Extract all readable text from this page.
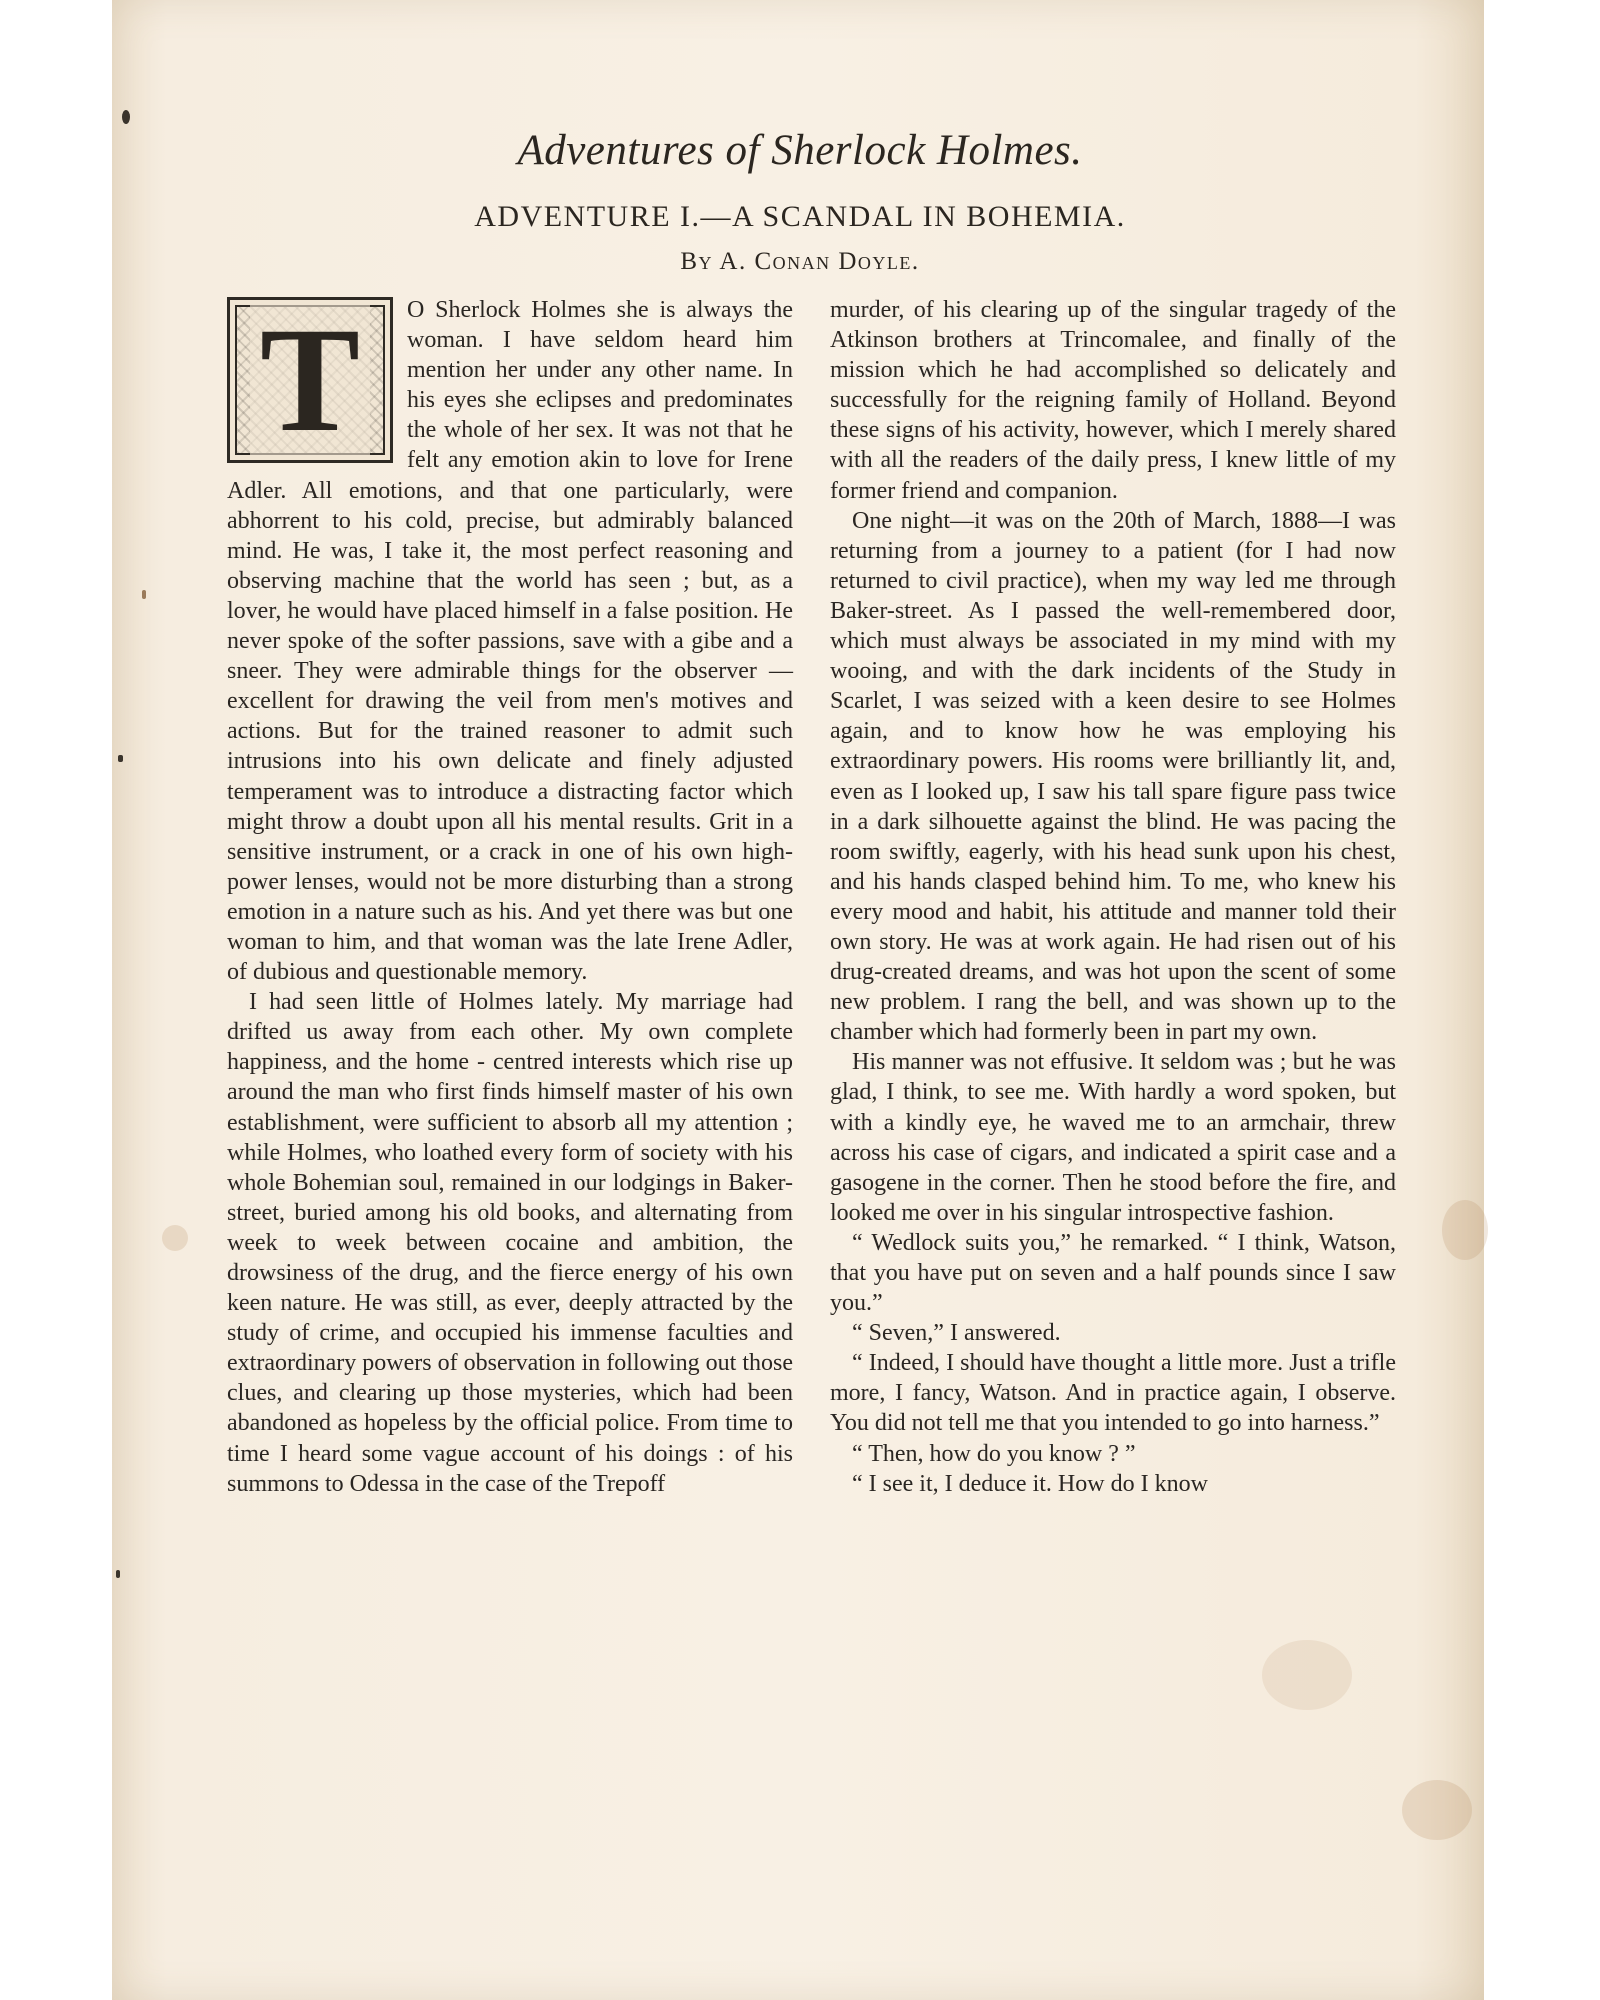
Adventures of Sherlock Holmes.
ADVENTURE I.—A SCANDAL IN BOHEMIA.
By A. Conan Doyle.
T	O Sherlock Holmes she is always the woman. I have seldom heard him mention her under any other name. In his eyes she eclipses and predominates the whole of her sex. It was not that he felt any emotion akin to love for Irene Adler. All emotions, and that one particularly, were abhorrent to his cold, precise, but admirably balanced mind. He was, I take it, the most perfect reasoning and observing machine that the world has seen ; but, as a lover, he would have placed himself in a false position. He never spoke of the softer passions, save with a gibe and a sneer. They were admirable things for the observer —excellent for drawing the veil from men's motives and actions. But for the trained reasoner to admit such intrusions into his own delicate and finely adjusted temperament was to introduce a distracting factor which might throw a doubt upon all his mental results. Grit in a sensitive instrument, or a crack in one of his own high-power lenses, would not be more disturbing than a strong emotion in a nature such as his. And yet there was but one woman to him, and that woman was the late Irene Adler, of dubious and questionable memory.

I had seen little of Holmes lately. My marriage had drifted us away from each other. My own complete happiness, and the home - centred interests which rise up around the man who first finds himself master of his own establishment, were sufficient to absorb all my attention ; while Holmes, who loathed every form of society with his whole Bohemian soul, remained in our lodgings in Baker-street, buried among his old books, and alternating from week to week between cocaine and ambition, the drowsiness of the drug, and the fierce energy of his own keen nature. He was still, as ever, deeply attracted by the study of crime, and occupied his immense faculties and extraordinary powers of observation in following out those clues, and clearing up those mysteries, which had been abandoned as hopeless by the official police. From time to time I heard some vague account of his doings : of his summons to Odessa in the case of the Trepoff

murder, of his clearing up of the singular tragedy of the Atkinson brothers at Trincomalee, and finally of the mission which he had accomplished so delicately and successfully for the reigning family of Holland. Beyond these signs of his activity, however, which I merely shared with all the readers of the daily press, I knew little of my former friend and companion.

One night—it was on the 20th of March, 1888—I was returning from a journey to a patient (for I had now returned to civil practice), when my way led me through Baker-street. As I passed the well-remembered door, which must always be associated in my mind with my wooing, and with the dark incidents of the Study in Scarlet, I was seized with a keen desire to see Holmes again, and to know how he was employing his extraordinary powers. His rooms were brilliantly lit, and, even as I looked up, I saw his tall spare figure pass twice in a dark silhouette against the blind. He was pacing the room swiftly, eagerly, with his head sunk upon his chest, and his hands clasped behind him. To me, who knew his every mood and habit, his attitude and manner told their own story. He was at work again. He had risen out of his drug-created dreams, and was hot upon the scent of some new problem. I rang the bell, and was shown up to the chamber which had formerly been in part my own.

His manner was not effusive. It seldom was ; but he was glad, I think, to see me. With hardly a word spoken, but with a kindly eye, he waved me to an armchair, threw across his case of cigars, and indicated a spirit case and a gasogene in the corner. Then he stood before the fire, and looked me over in his singular introspective fashion.

“ Wedlock suits you,” he remarked. “ I think, Watson, that you have put on seven and a half pounds since I saw you.”

“ Seven,” I answered.

“ Indeed, I should have thought a little more. Just a trifle more, I fancy, Watson. And in practice again, I observe. You did not tell me that you intended to go into harness.”

“ Then, how do you know ? ”

“ I see it, I deduce it. How do I know
